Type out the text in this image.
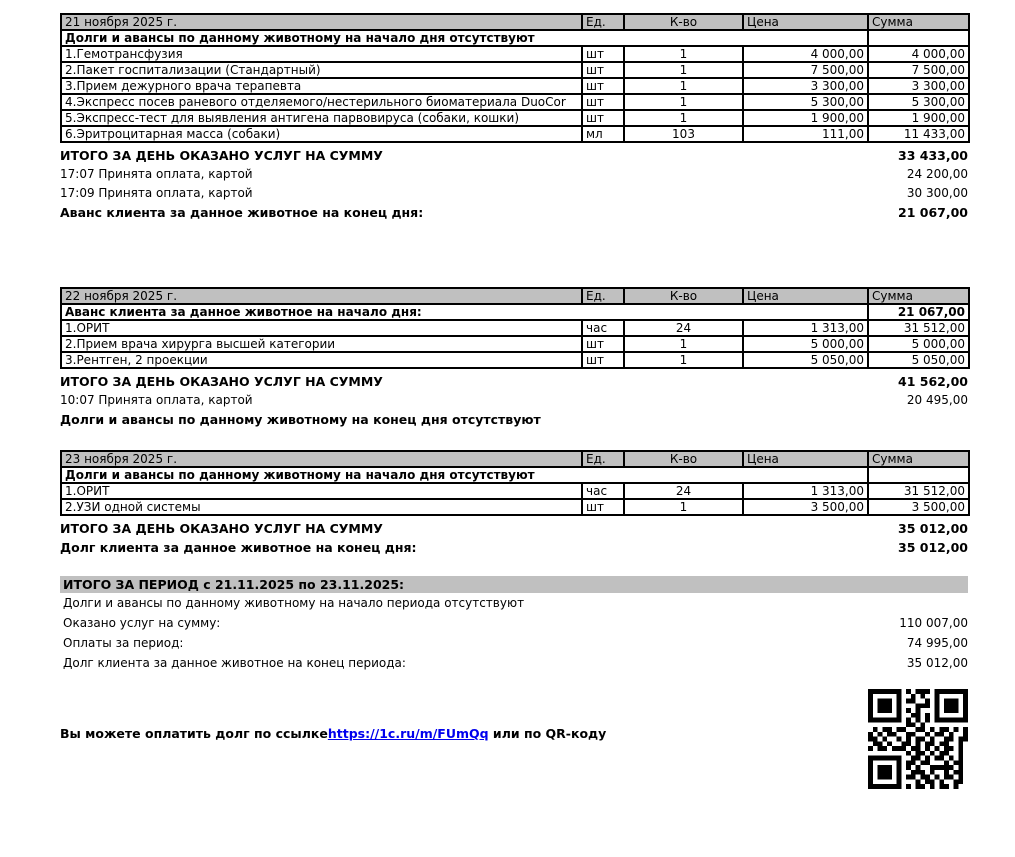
21 ноября 2025 г.	Ед.	К-во	Цена	Сумма
Долги и авансы по данному животному на начало дня отсутствуют				
1.Гемотрансфузия	шт	1	4 000,00	4 000,00
2.Пакет госпитализации (Стандартный)	шт	1	7 500,00	7 500,00
3.Прием дежурного врача терапевта	шт	1	3 300,00	3 300,00
4.Экспресс посев раневого отделяемого/нестерильного биоматериала DuoCor	шт	1	5 300,00	5 300,00
5.Экспресс-тест для выявления антигена парвовируса (собаки, кошки)	шт	1	1 900,00	1 900,00
6.Эритроцитарная масса (собаки)	мл	103	111,00	11 433,00
ИТОГО ЗА ДЕНЬ ОКАЗАНО УСЛУГ НА СУММУ	33 433,00
17:07 Принята оплата, картой	24 200,00
17:09 Принята оплата, картой	30 300,00
Аванс клиента за данное животное на конец дня:	21 067,00
22 ноября 2025 г.	Ед.	К-во	Цена	Сумма
Аванс клиента за данное животное на начало дня:				21 067,00
1.ОРИТ	час	24	1 313,00	31 512,00
2.Прием врача хирурга высшей категории	шт	1	5 000,00	5 000,00
3.Рентген, 2 проекции	шт	1	5 050,00	5 050,00
ИТОГО ЗА ДЕНЬ ОКАЗАНО УСЛУГ НА СУММУ	41 562,00
10:07 Принята оплата, картой	20 495,00
Долги и авансы по данному животному на конец дня отсутствуют
23 ноября 2025 г.	Ед.	К-во	Цена	Сумма
Долги и авансы по данному животному на начало дня отсутствуют				
1.ОРИТ	час	24	1 313,00	31 512,00
2.УЗИ одной системы	шт	1	3 500,00	3 500,00
ИТОГО ЗА ДЕНЬ ОКАЗАНО УСЛУГ НА СУММУ	35 012,00
Долг клиента за данное животное на конец дня:	35 012,00
ИТОГО ЗА ПЕРИОД с 21.11.2025 по 23.11.2025:
Долги и авансы по данному животному на начало периода отсутствуют
Оказано услуг на сумму:	110 007,00
Оплаты за период:	74 995,00
Долг клиента за данное животное на конец периода:	35 012,00
Вы можете оплатить долг по ссылкеhttps://1c.ru/m/FUmQq или по QR-коду
